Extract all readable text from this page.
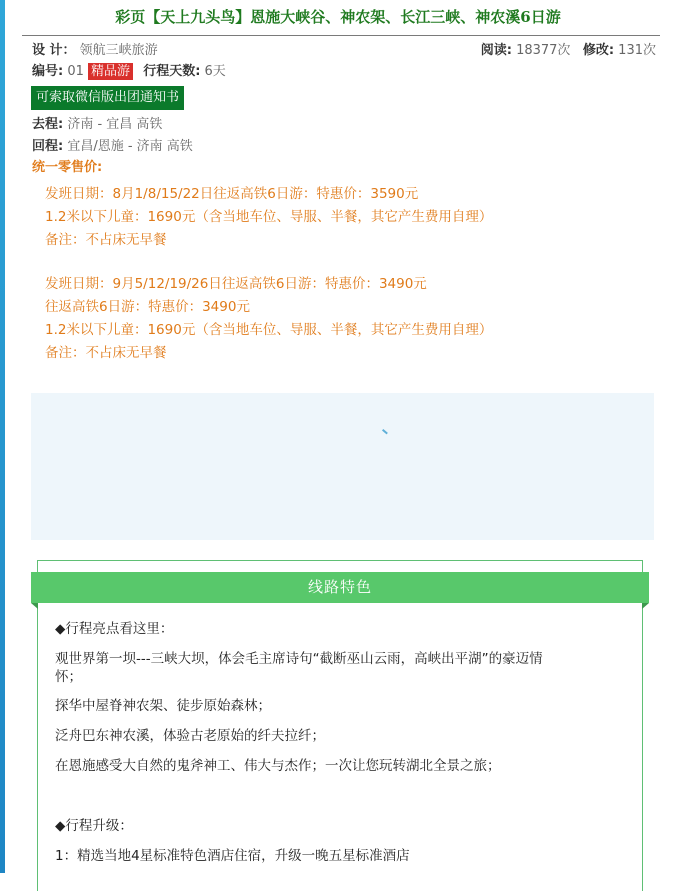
彩页【天上九头鸟】恩施大峡谷、神农架、长江三峡、神农溪6日游
设 计： 领航三峡旅游	阅读: 18377次 修改: 131次
编号: 01 精品游 行程天数: 6天
可索取微信版出团通知书
去程: 济南 - 宜昌 高铁
回程: 宜昌/恩施 - 济南 高铁
统一零售价:
发班日期：8月1/8/15/22日往返高铁6日游：特惠价：3590元
1.2米以下儿童：1690元（含当地车位、导服、半餐，其它产生费用自理）
备注：不占床无早餐
发班日期：9月5/12/19/26日往返高铁6日游：特惠价：3490元
往返高铁6日游：特惠价：3490元
1.2米以下儿童：1690元（含当地车位、导服、半餐，其它产生费用自理）
备注：不占床无早餐
线路特色
◆行程亮点看这里：
观世界第一坝---三峡大坝，体会毛主席诗句“截断巫山云雨，高峡出平湖”的豪迈情
怀；
探华中屋脊神农架、徒步原始森林；
泛舟巴东神农溪，体验古老原始的纤夫拉纤；
在恩施感受大自然的鬼斧神工、伟大与杰作；一次让您玩转湖北全景之旅；
◆行程升级：
1：精选当地4星标准特色酒店住宿，升级一晚五星标准酒店
